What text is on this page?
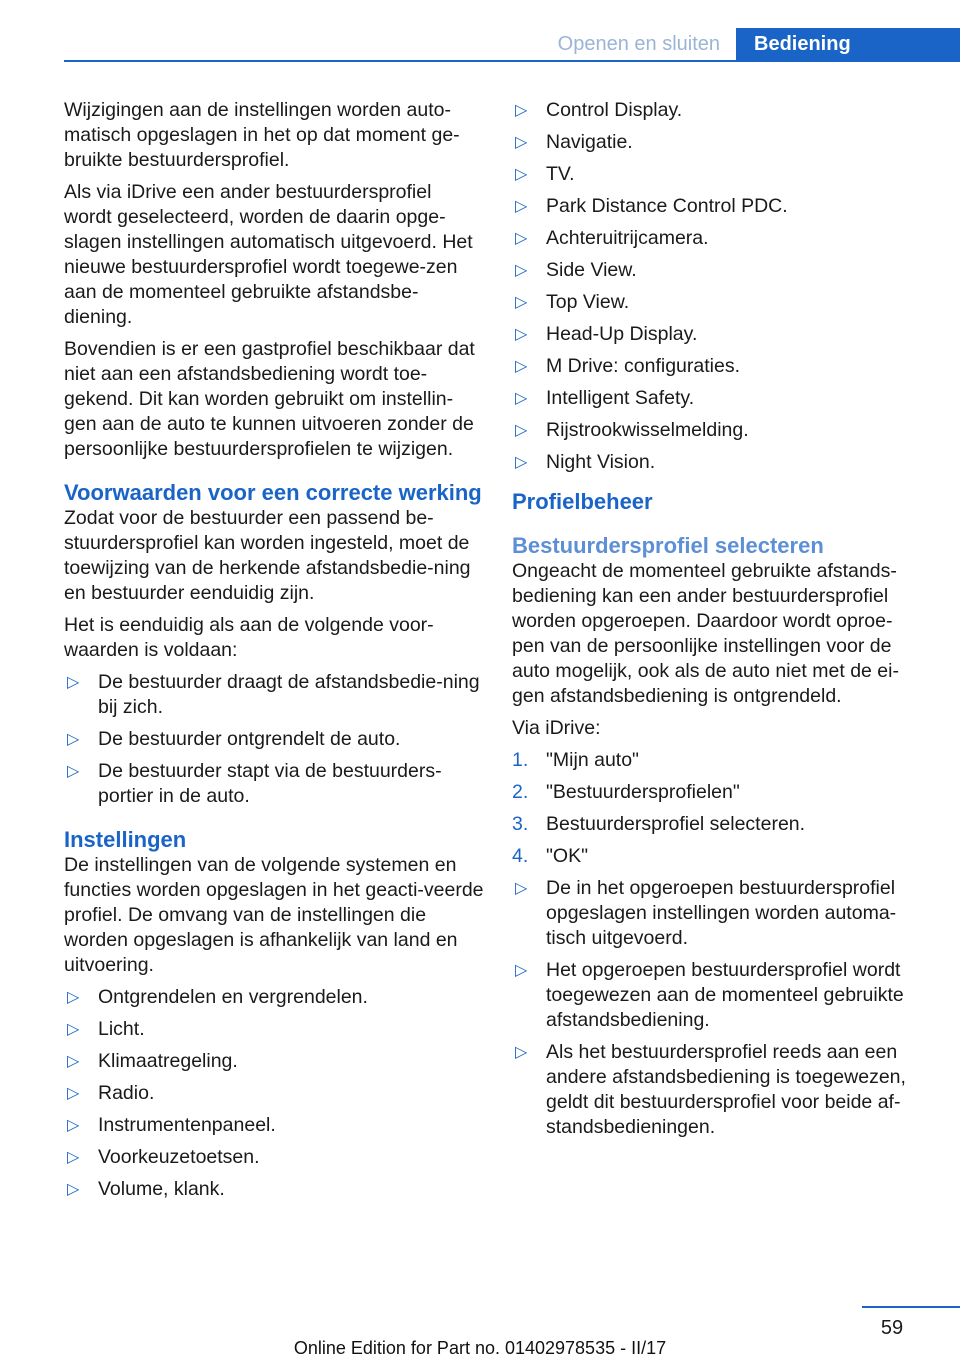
Openen en sluiten	Bediening

Wijzigingen aan de instellingen worden auto-matisch opgeslagen in het op dat moment ge-bruikte bestuurdersprofiel.

Als via iDrive een ander bestuurdersprofiel wordt geselecteerd, worden de daarin opge-slagen instellingen automatisch uitgevoerd. Het nieuwe bestuurdersprofiel wordt toegewe-zen aan de momenteel gebruikte afstandsbe-diening.

Bovendien is er een gastprofiel beschikbaar dat niet aan een afstandsbediening wordt toe-gekend. Dit kan worden gebruikt om instellin-gen aan de auto te kunnen uitvoeren zonder de persoonlijke bestuurdersprofielen te wijzigen.

Voorwaarden voor een correcte werking

Zodat voor de bestuurder een passend be-stuurdersprofiel kan worden ingesteld, moet de toewijzing van de herkende afstandsbedie-ning en bestuurder eenduidig zijn.

Het is eenduidig als aan de volgende voor-waarden is voldaan:

▷ De bestuurder draagt de afstandsbedie-ning bij zich.
▷ De bestuurder ontgrendelt de auto.
▷ De bestuurder stapt via de bestuurders-portier in de auto.
Instellingen

De instellingen van de volgende systemen en functies worden opgeslagen in het geacti-veerde profiel. De omvang van de instellingen die worden opgeslagen is afhankelijk van land en uitvoering.

▷ Ontgrendelen en vergrendelen.
▷ Licht.
▷ Klimaatregeling.
▷ Radio.
▷ Instrumentenpaneel.
▷ Voorkeuzetoetsen.
▷ Volume, klank.
▷ Control Display.
▷ Navigatie.
▷ TV.
▷ Park Distance Control PDC.
▷ Achteruitrijcamera.
▷ Side View.
▷ Top View.
▷ Head-Up Display.
▷ M Drive: configuraties.
▷ Intelligent Safety.
▷ Rijstrookwisselmelding.
▷ Night Vision.
Profielbeheer
Bestuurdersprofiel selecteren

Ongeacht de momenteel gebruikte afstands-bediening kan een ander bestuurdersprofiel worden opgeroepen. Daardoor wordt oproe-pen van de persoonlijke instellingen voor de auto mogelijk, ook als de auto niet met de ei-gen afstandsbediening is ontgrendeld.

Via iDrive:

1. "Mijn auto"
2. "Bestuurdersprofielen"
3. Bestuurdersprofiel selecteren.
4. "OK"
▷ De in het opgeroepen bestuurdersprofiel opgeslagen instellingen worden automa-tisch uitgevoerd.
▷ Het opgeroepen bestuurdersprofiel wordt toegewezen aan de momenteel gebruikte afstandsbediening.
▷ Als het bestuurdersprofiel reeds aan een andere afstandsbediening is toegewezen, geldt dit bestuurdersprofiel voor beide af-standsbedieningen.
59
Online Edition for Part no. 01402978535 - II/17
